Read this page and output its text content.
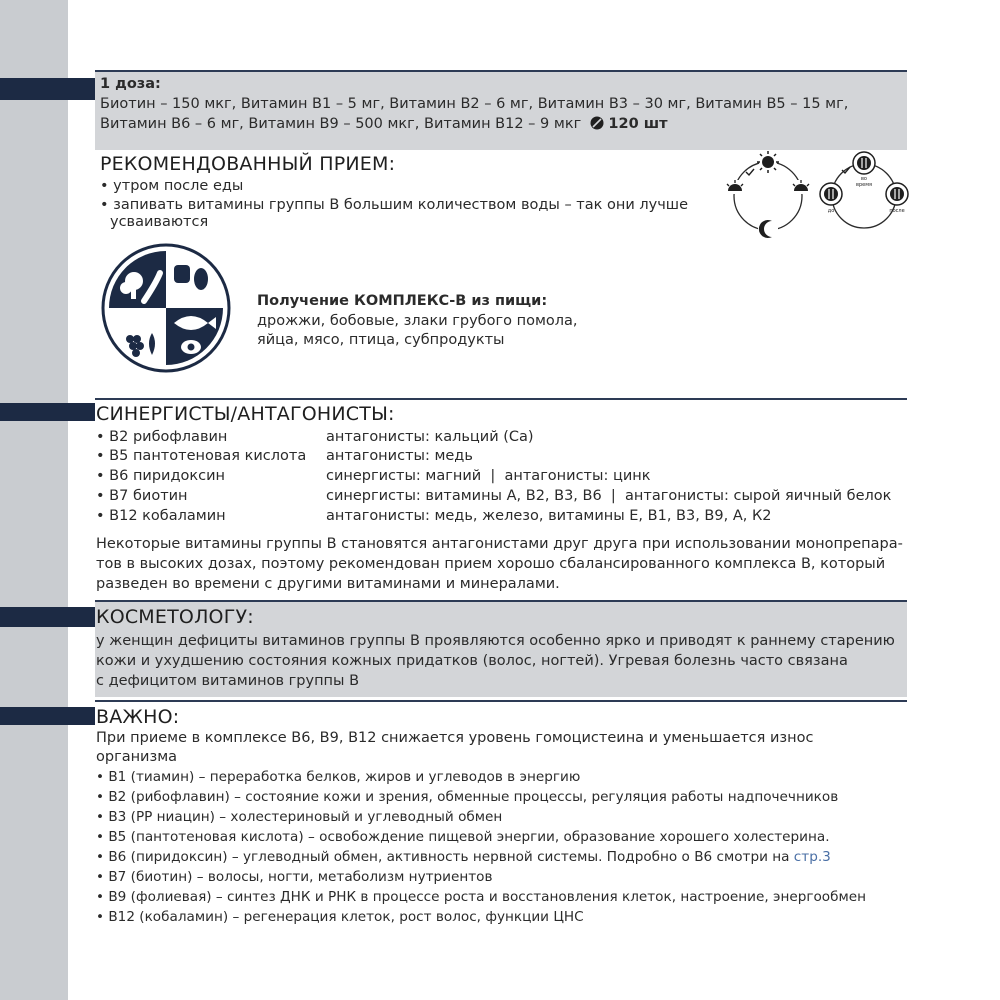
1 доза:
Биотин – 150 мкг, Витамин В1 – 5 мг, Витамин В2 – 6 мг, Витамин В3 – 30 мг, Витамин В5 – 15 мг,
Витамин В6 – 6 мг, Витамин В9 – 500 мкг, Витамин В12 – 9 мкг 120 шт
РЕКОМЕНДОВАННЫЙ ПРИЕМ:
• утром после еды
• запивать витамины группы В большим количеством воды – так они лучше
усваиваются
во
время
до	после
Получение КОМПЛЕКС-В из пищи:
дрожжи, бобовые, злаки грубого помола,
яйца, мясо, птица, субпродукты
СИНЕРГИСТЫ/АНТАГОНИСТЫ:
• В2 рибофлавин	антагонисты: кальций (Са)
• В5 пантотеновая кислота антагонисты: медь
• В6 пиридоксин	синергисты: магний  |  антагонисты: цинк
• В7 биотин	синергисты: витамины А, В2, В3, В6  |  антагонисты: сырой яичный белок
• В12 кобаламин	антагонисты: медь, железо, витамины Е, В1, В3, В9, А, К2
Некоторые витамины группы В становятся антагонистами друг друга при использовании монопрепара-
тов в высоких дозах, поэтому рекомендован прием хорошо сбалансированного комплекса В, который
разведен во времени с другими витаминами и минералами.
КОСМЕТОЛОГУ:
у женщин дефициты витаминов группы В проявляются особенно ярко и приводят к раннему старению
кожи и ухудшению состояния кожных придатков (волос, ногтей). Угревая болезнь часто связана
с дефицитом витаминов группы В
ВАЖНО:
При приеме в комплексе В6, В9, В12 снижается уровень гомоцистеина и уменьшается износ
организма
• В1 (тиамин) – переработка белков, жиров и углеводов в энергию
• В2 (рибофлавин) – состояние кожи и зрения, обменные процессы, регуляция работы надпочечников
• В3 (РР ниацин) – холестериновый и углеводный обмен
• В5 (пантотеновая кислота) – освобождение пищевой энергии, образование хорошего холестерина.
• В6 (пиридоксин) – углеводный обмен, активность нервной системы. Подробно о В6 смотри на стр.3
• В7 (биотин) – волосы, ногти, метаболизм нутриентов
• В9 (фолиевая) – синтез ДНК и РНК в процессе роста и восстановления клеток, настроение, энергообмен
• В12 (кобаламин) – регенерация клеток, рост волос, функции ЦНС
